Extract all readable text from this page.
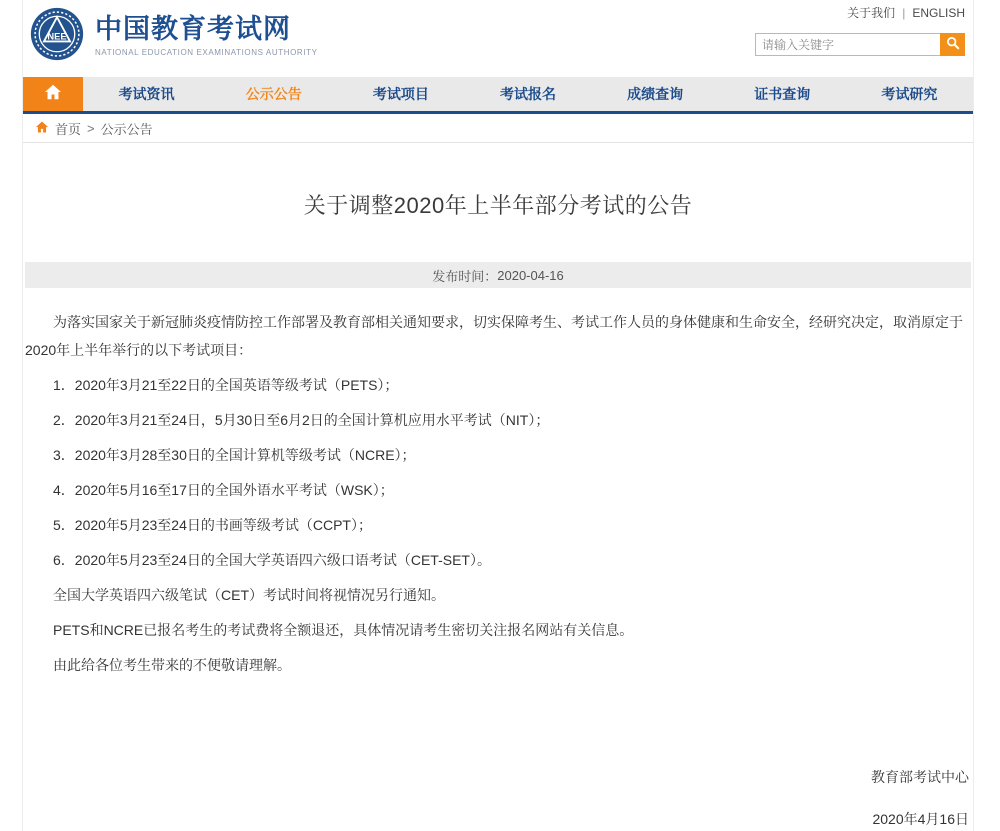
关于我们 | ENGLISH
NEE 中国教育考试网
NATIONAL EDUCATION EXAMINATIONS AUTHORITY
请输入关键字
考试资讯	公示公告	考试项目	考试报名	成绩查询	证书查询	考试研究
首页 > 公示公告
关于调整2020年上半年部分考试的公告
发布时间： 2020-04-16

为落实国家关于新冠肺炎疫情防控工作部署及教育部相关通知要求，切实保障考生、考试工作人员的身体健康和生命安全，经研究决定，取消原定于2020年上半年举行的以下考试项目：

1．2020年3月21至22日的全国英语等级考试（PETS）；

2．2020年3月21至24日，5月30日至6月2日的全国计算机应用水平考试（NIT）；

3．2020年3月28至30日的全国计算机等级考试（NCRE）；

4．2020年5月16至17日的全国外语水平考试（WSK）；

5．2020年5月23至24日的书画等级考试（CCPT）；

6．2020年5月23至24日的全国大学英语四六级口语考试（CET-SET）。

全国大学英语四六级笔试（CET）考试时间将视情况另行通知。

PETS和NCRE已报名考生的考试费将全额退还，具体情况请考生密切关注报名网站有关信息。

由此给各位考生带来的不便敬请理解。

教育部考试中心
2020年4月16日
